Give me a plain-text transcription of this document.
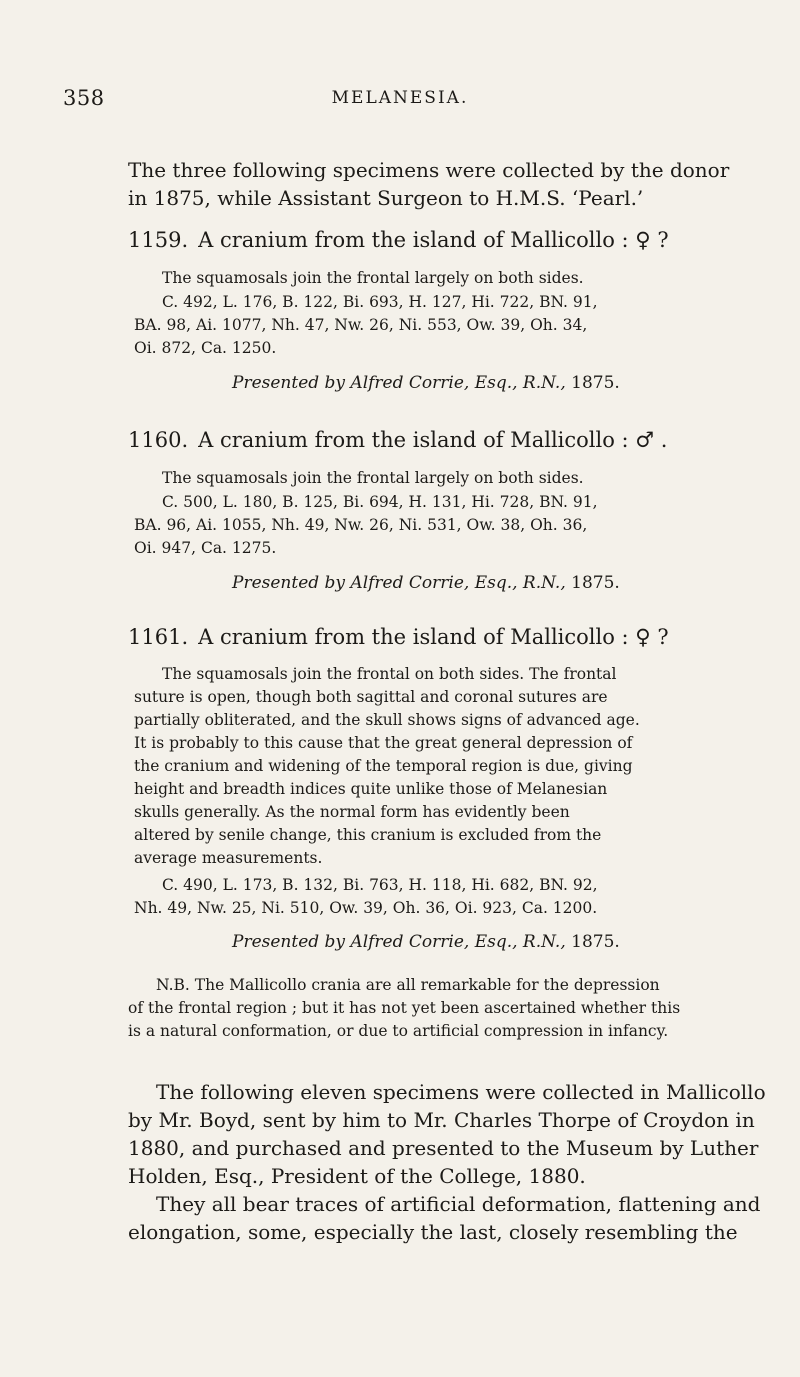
358	MELANESIA.
The three following specimens were collected by the donor
in 1875, while Assistant Surgeon to H.M.S. ‘Pearl.’
1159. A cranium from the island of Mallicollo : ♀ ?
The squamosals join the frontal largely on both sides.
C. 492, L. 176, B. 122, Bi. 693, H. 127, Hi. 722, BN. 91,
BA. 98, Ai. 1077, Nh. 47, Nw. 26, Ni. 553, Ow. 39, Oh. 34,
Oi. 872, Ca. 1250.
Presented by Alfred Corrie, Esq., R.N., 1875.
1160. A cranium from the island of Mallicollo : ♂ .
The squamosals join the frontal largely on both sides.
C. 500, L. 180, B. 125, Bi. 694, H. 131, Hi. 728, BN. 91,
BA. 96, Ai. 1055, Nh. 49, Nw. 26, Ni. 531, Ow. 38, Oh. 36,
Oi. 947, Ca. 1275.
Presented by Alfred Corrie, Esq., R.N., 1875.
1161. A cranium from the island of Mallicollo : ♀ ?
The squamosals join the frontal on both sides. The frontal
suture is open, though both sagittal and coronal sutures are
partially obliterated, and the skull shows signs of advanced age.
It is probably to this cause that the great general depression of
the cranium and widening of the temporal region is due, giving
height and breadth indices quite unlike those of Melanesian
skulls generally. As the normal form has evidently been
altered by senile change, this cranium is excluded from the
average measurements.
C. 490, L. 173, B. 132, Bi. 763, H. 118, Hi. 682, BN. 92,
Nh. 49, Nw. 25, Ni. 510, Ow. 39, Oh. 36, Oi. 923, Ca. 1200.
Presented by Alfred Corrie, Esq., R.N., 1875.
N.B. The Mallicollo crania are all remarkable for the depression
of the frontal region ; but it has not yet been ascertained whether this
is a natural conformation, or due to artificial compression in infancy.
The following eleven specimens were collected in Mallicollo
by Mr. Boyd, sent by him to Mr. Charles Thorpe of Croydon in
1880, and purchased and presented to the Museum by Luther
Holden, Esq., President of the College, 1880.
They all bear traces of artificial deformation, flattening and
elongation, some, especially the last, closely resembling the
